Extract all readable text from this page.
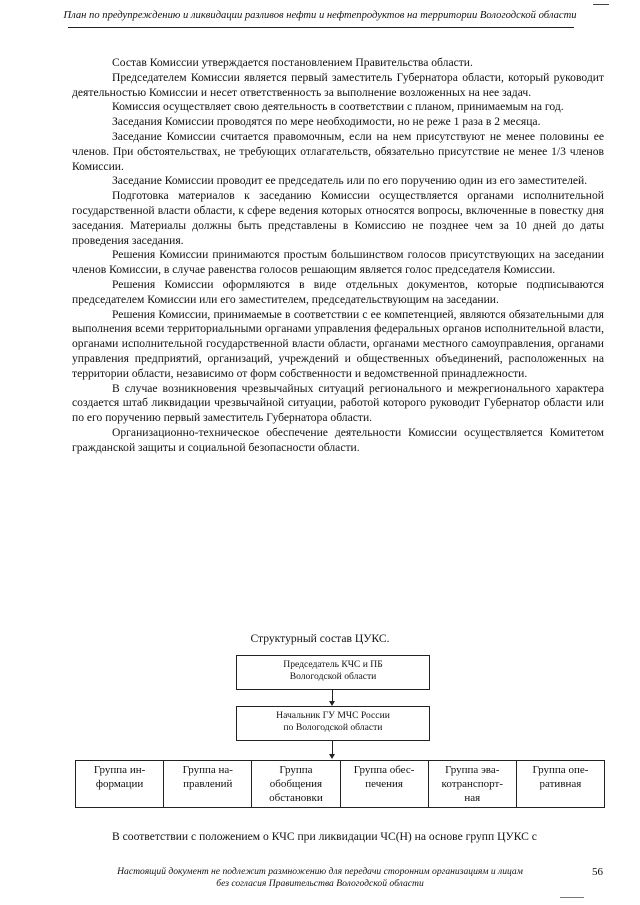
План по предупреждению и ликвидации разливов нефти и нефтепродуктов на территории Вологодской области

Состав Комиссии утверждается постановлением Правительства области.

Председателем Комиссии является первый заместитель Губернатора области, который руководит деятельностью Комиссии и несет ответственность за выполнение возложенных на нее задач.

Комиссия осуществляет свою деятельность в соответствии с планом, принимаемым на год.

Заседания Комиссии проводятся по мере необходимости, но не реже 1 раза в 2 месяца.

Заседание Комиссии считается правомочным, если на нем присутствуют не менее половины ее членов. При обстоятельствах, не требующих отлагательств, обязательно присутствие не менее 1/3 членов Комиссии.

Заседание Комиссии проводит ее председатель или по его поручению один из его заместителей.

Подготовка материалов к заседанию Комиссии осуществляется органами исполнительной государственной власти области, к сфере ведения которых относятся вопросы, включенные в повестку дня заседания. Материалы должны быть представлены в Комиссию не позднее чем за 10 дней до даты проведения заседания.

Решения Комиссии принимаются простым большинством голосов присутствующих на заседании членов Комиссии, в случае равенства голосов решающим является голос председателя Комиссии.

Решения Комиссии оформляются в виде отдельных документов, которые подписываются председателем Комиссии или его заместителем, председательствующим на заседании.

Решения Комиссии, принимаемые в соответствии с ее компетенцией, являются обязательными для выполнения всеми территориальными органами управления федеральных органов исполнительной власти, органами исполнительной государственной власти области, органами местного самоуправления, органами управления предприятий, организаций, учреждений и общественных объединений, расположенных на территории области, независимо от форм собственности и ведомственной принадлежности.

В случае возникновения чрезвычайных ситуаций регионального и межрегионального характера создается штаб ликвидации чрезвычайной ситуации, работой которого руководит Губернатор области или по его поручению первый заместитель Губернатора области.

Организационно-техническое обеспечение деятельности Комиссии осуществляется Комитетом гражданской защиты и социальной безопасности области.

Структурный состав ЦУКС.
Председатель КЧС и ПБ
Вологодской области
Начальник ГУ МЧС России
по Вологодской области
Группа ин-
формации
Группа на-
правлений
Группа
обобщения
обстановки
Группа обес-
печения
Группа эва-
котранспорт-
ная
Группа опе-
ративная
В соответствии с положением о КЧС при ликвидации ЧС(Н) на основе групп ЦУКС с
Настоящий документ не подлежит размножению для передачи сторонним организациям и лицам
без согласия Правительства Вологодской области
56
